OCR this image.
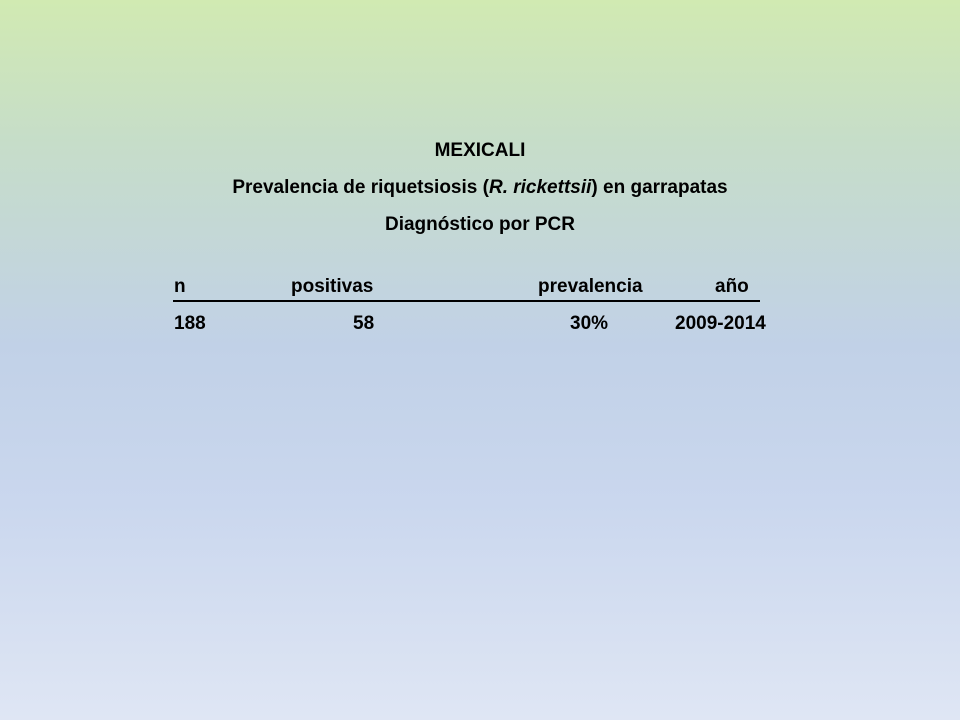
MEXICALI
Prevalencia de riquetsiosis (R. rickettsii) en garrapatas
Diagnóstico por PCR
n	positivas	prevalencia	año
188	58	30%	2009-2014
